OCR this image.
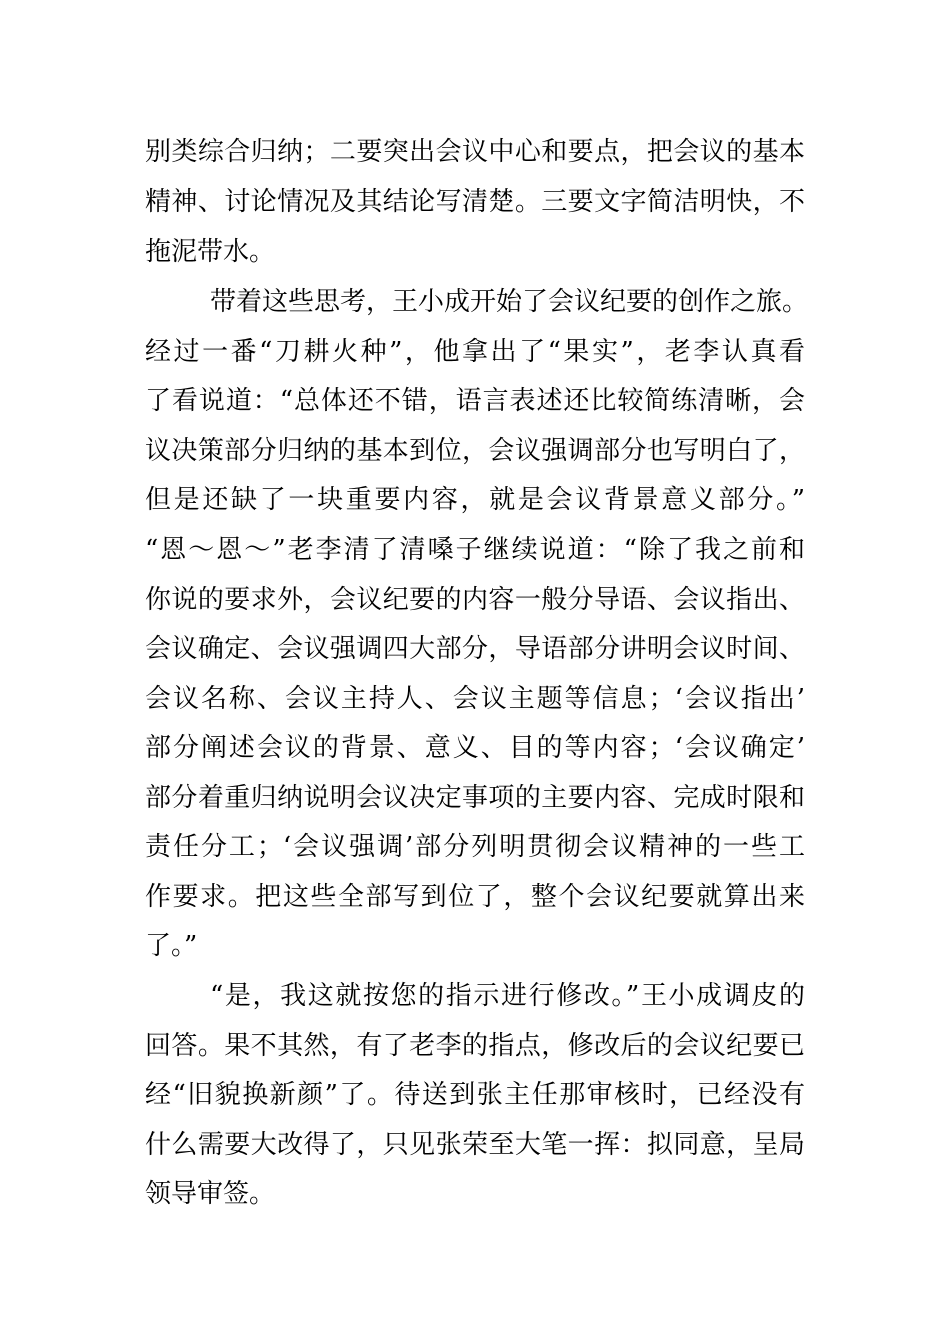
别类综合归纳；二要突出会议中心和要点，把会议的基本
精神、讨论情况及其结论写清楚。三要文字简洁明快，不
拖泥带水。
带着这些思考，王小成开始了会议纪要的创作之旅。
经过一番“刀耕火种”，他拿出了“果实”，老李认真看
了看说道：“总体还不错，语言表述还比较简练清晰，会
议决策部分归纳的基本到位，会议强调部分也写明白了，
但是还缺了一块重要内容，就是会议背景意义部分。”
“恩～恩～”老李清了清嗓子继续说道：“除了我之前和
你说的要求外，会议纪要的内容一般分导语、会议指出、
会议确定、会议强调四大部分，导语部分讲明会议时间、
会议名称、会议主持人、会议主题等信息；‘会议指出’
部分阐述会议的背景、意义、目的等内容；‘会议确定’
部分着重归纳说明会议决定事项的主要内容、完成时限和
责任分工；‘会议强调’部分列明贯彻会议精神的一些工
作要求。把这些全部写到位了，整个会议纪要就算出来
了。”
“是，我这就按您的指示进行修改。”王小成调皮的
回答。果不其然，有了老李的指点，修改后的会议纪要已
经“旧貌换新颜”了。待送到张主任那审核时，已经没有
什么需要大改得了，只见张荣至大笔一挥：拟同意，呈局
领导审签。
